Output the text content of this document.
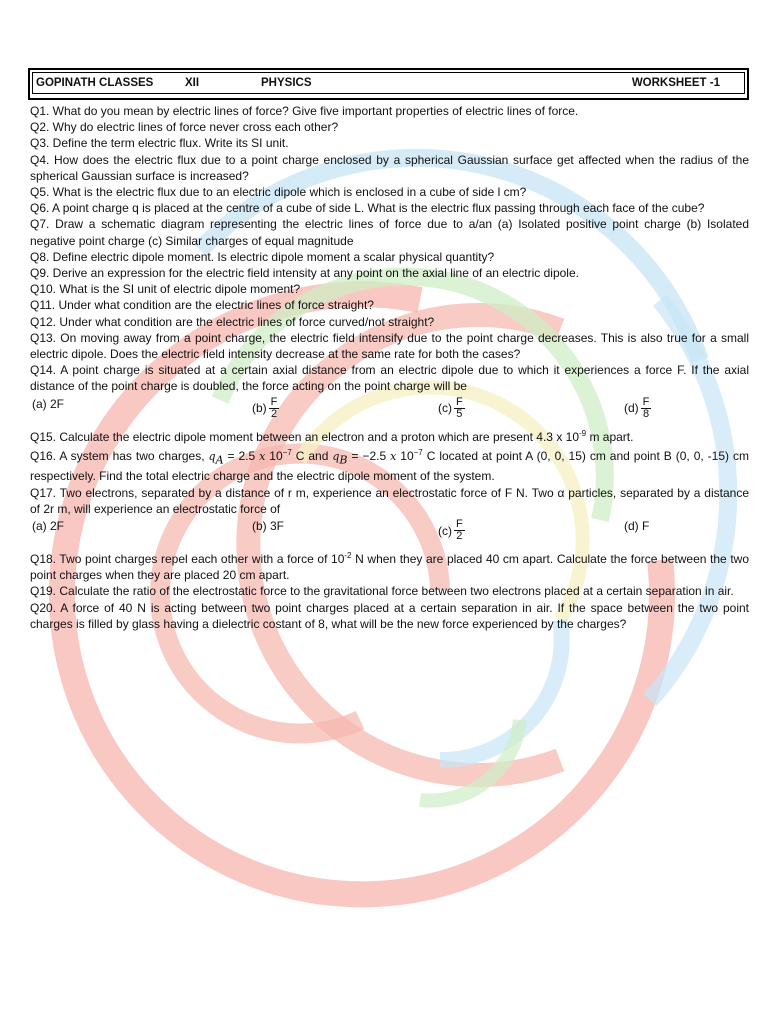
GOPINATH CLASSES	XII	PHYSICS	WORKSHEET -1
Q1. What do you mean by electric lines of force? Give five important properties of electric lines of force.
Q2. Why do electric lines of force never cross each other?
Q3. Define the term electric flux. Write its SI unit.
Q4. How does the electric flux due to a point charge enclosed by a spherical Gaussian surface get affected when the radius of the spherical Gaussian surface is increased?
Q5. What is the electric flux due to an electric dipole which is enclosed in a cube of side l cm?
Q6. A point charge q is placed at the centre of a cube of side L. What is the electric flux passing through each face of the cube?
Q7. Draw a schematic diagram representing the electric lines of force due to a/an (a) Isolated positive point charge (b) Isolated negative point charge (c) Similar charges of equal magnitude
Q8. Define electric dipole moment. Is electric dipole moment a scalar physical quantity?
Q9. Derive an expression for the electric field intensity at any point on the axial line of an electric dipole.
Q10. What is the SI unit of electric dipole moment?
Q11. Under what condition are the electric lines of force straight?
Q12. Under what condition are the electric lines of force curved/not straight?
Q13. On moving away from a point charge, the electric field intensify due to the point charge decreases. This is also true for a small electric dipole. Does the electric field intensity decrease at the same rate for both the cases?
Q14. A point charge is situated at a certain axial distance from an electric dipole due to which it experiences a force F. If the axial distance of the point charge is doubled, the force acting on the point charge will be
(a) 2F	$(b) \frac{F}{2}$	$(c) \frac{F}{5}$	$(d) \frac{F}{8}$
Q15. Calculate the electric dipole moment between an electron and a proton which are present 4.3 x $10^{-9}$ m apart.
Q16. A system has two charges, $q_A = 2.5$ x $10^{-7}$ C and $q_B = -2.5$ x $10^{-7}$ C located at point A (0, 0, 15) cm and point B (0, 0, -15) cm respectively. Find the total electric charge and the electric dipole moment of the system.
Q17. Two electrons, separated by a distance of r m, experience an electrostatic force of F N. Two α particles, separated by a distance of 2r m, will experience an electrostatic force of
(a) 2F	(b) 3F	$(c) \frac{F}{2}$	(d) F
Q18. Two point charges repel each other with a force of $10^{-2}$ N when they are placed 40 cm apart. Calculate the force between the two point charges when they are placed 20 cm apart.
Q19. Calculate the ratio of the electrostatic force to the gravitational force between two electrons placed at a certain separation in air.
Q20. A force of 40 N is acting between two point charges placed at a certain separation in air. If the space between the two point charges is filled by glass having a dielectric costant of 8, what will be the new force experienced by the charges?
